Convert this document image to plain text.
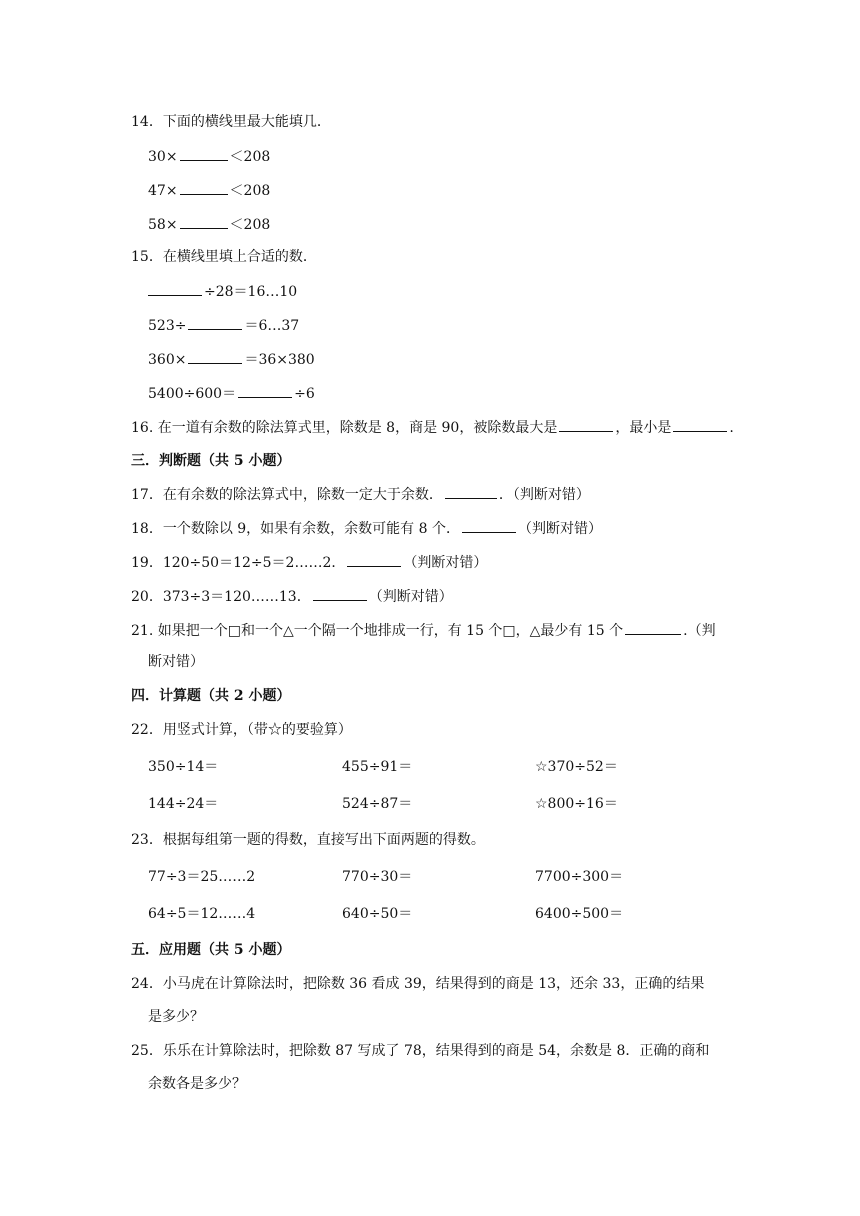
14．下面的横线里最大能填几．
30×	＜208
47×	＜208
58×	＜208
15．在横线里填上合适的数．
÷28＝16…10
523÷	＝6…37
360×	＝36×380
5400÷600＝	÷6
16. 在一道有余数的除法算式里，除数是 8，商是 90，被除数最大是	，最小是	.
三．判断题（共 5 小题）
17．在有余数的除法算式中，除数一定大于余数．	．（判断对错）
18．一个数除以 9，如果有余数，余数可能有 8 个．	（判断对错）
19．120÷50＝12÷5＝2……2．	（判断对错）
20．373÷3＝120……13．	（判断对错）
21. 如果把一个□和一个△一个隔一个地排成一行，有 15 个□，△最少有 15 个	.（判
断对错）
四．计算题（共 2 小题）
22．用竖式计算，（带☆的要验算）
350÷14＝	455÷91＝	☆370÷52＝
144÷24＝	524÷87＝	☆800÷16＝
23．根据每组第一题的得数，直接写出下面两题的得数。
77÷3＝25……2	770÷30＝	7700÷300＝
64÷5＝12……4	640÷50＝	6400÷500＝
五．应用题（共 5 小题）
24．小马虎在计算除法时，把除数 36 看成 39，结果得到的商是 13，还余 33，正确的结果
是多少？
25．乐乐在计算除法时，把除数 87 写成了 78，结果得到的商是 54，余数是 8．正确的商和
余数各是多少？
